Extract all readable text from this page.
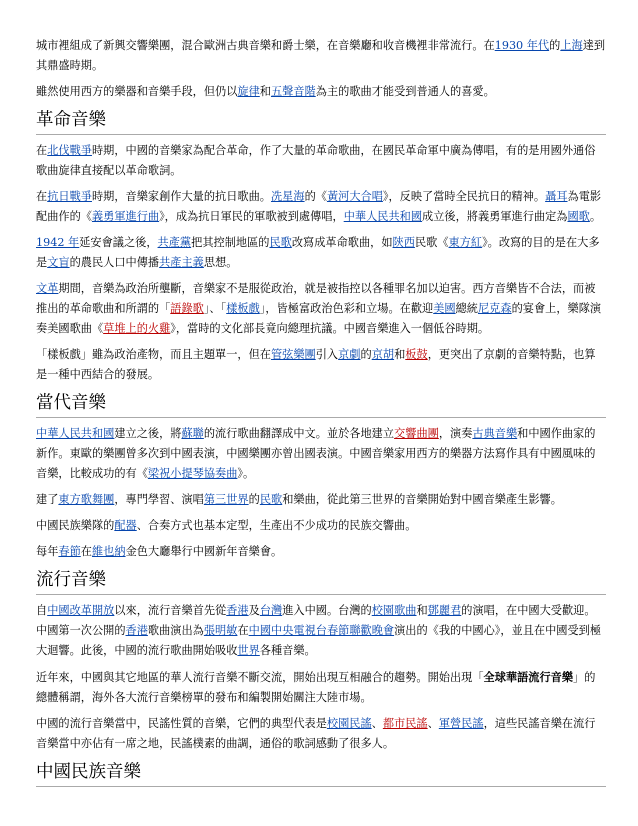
城市裡組成了新興交響樂團，混合歐洲古典音樂和爵士樂，在音樂廳和收音機裡非常流行。在1930 年代的上海達到其鼎盛時期。

雖然使用西方的樂器和音樂手段，但仍以旋律和五聲音階為主的歌曲才能受到普通人的喜愛。

革命音樂

在北伐戰爭時期，中國的音樂家為配合革命，作了大量的革命歌曲，在國民革命軍中廣為傳唱，有的是用國外通俗歌曲旋律直接配以革命歌詞。

在抗日戰爭時期，音樂家創作大量的抗日歌曲。冼星海的《黃河大合唱》，反映了當時全民抗日的精神。聶耳為電影配曲作的《義勇軍進行曲》，成為抗日軍民的軍歌被到處傳唱，中華人民共和國成立後，將義勇軍進行曲定為國歌。

1942 年延安會議之後，共產黨把其控制地區的民歌改寫成革命歌曲，如陝西民歌《東方紅》。改寫的目的是在大多是文盲的農民人口中傳播共產主義思想。

文革期間，音樂為政治所壟斷，音樂家不是服從政治，就是被指控以各種罪名加以迫害。西方音樂皆不合法，而被推出的革命歌曲和所謂的「語錄歌」、「樣板戲」，皆極富政治色彩和立場。在歡迎美國總統尼克森的宴會上，樂隊演奏美國歌曲《草堆上的火雞》，當時的文化部長竟向總理抗議。中國音樂進入一個低谷時期。

「樣板戲」雖為政治產物，而且主題單一，但在管弦樂團引入京劇的京胡和板鼓，更突出了京劇的音樂特點，也算是一種中西結合的發展。

當代音樂

中華人民共和國建立之後，將蘇聯的流行歌曲翻譯成中文。並於各地建立交響曲團，演奏古典音樂和中國作曲家的新作。東歐的樂團曾多次到中國表演，中國樂團亦曾出國表演。中國音樂家用西方的樂器方法寫作具有中國風味的音樂，比較成功的有《梁祝小提琴協奏曲》。

建了東方歌舞團，專門學習、演唱第三世界的民歌和樂曲，從此第三世界的音樂開始對中國音樂產生影響。

中國民族樂隊的配器、合奏方式也基本定型，生產出不少成功的民族交響曲。

每年春節在維也納金色大廳舉行中國新年音樂會。

流行音樂

自中國改革開放以來，流行音樂首先從香港及台灣進入中國。台灣的校園歌曲和鄧麗君的演唱，在中國大受歡迎。中國第一次公開的香港歌曲演出為張明敏在中國中央電視台春節聯歡晚會演出的《我的中國心》，並且在中國受到極大迴響。此後，中國的流行歌曲開始吸收世界各種音樂。

近年來，中國與其它地區的華人流行音樂不斷交流，開始出現互相融合的趨勢。開始出現「全球華語流行音樂」的總體稱謂，海外各大流行音樂榜單的發布和編製開始關注大陸市場。

中國的流行音樂當中，民謠性質的音樂，它們的典型代表是校園民謠、都市民謠、軍營民謠，這些民謠音樂在流行音樂當中亦佔有一席之地，民謠樸素的曲調，通俗的歌詞感動了很多人。

中國民族音樂
